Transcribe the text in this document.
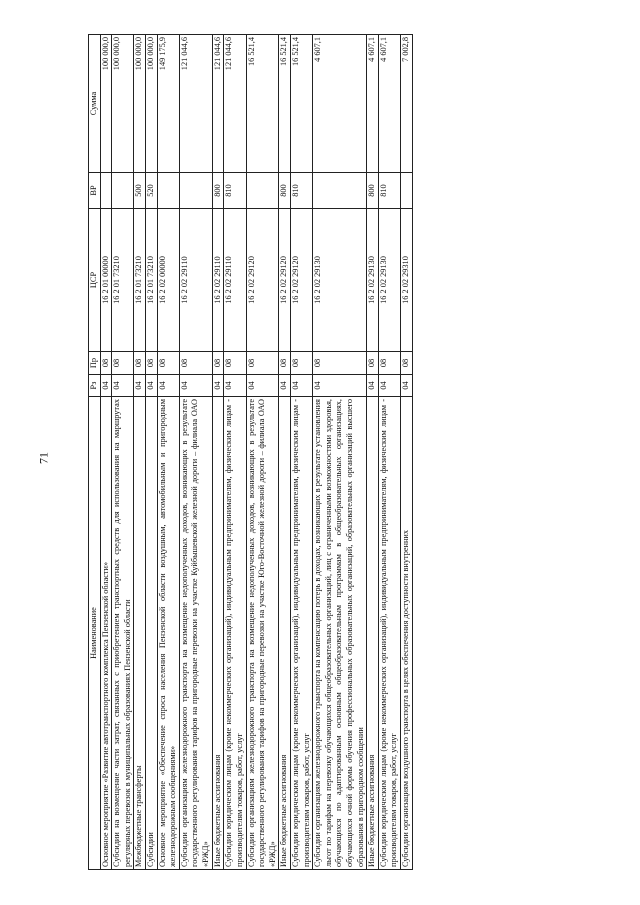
71
Наименование	Рз	Пр	ЦСР	ВР	Сумма
Основное мероприятие «Развитие автотранспортного комплекса Пензенской области»	04	08	16 2 01 00000		100 000,0
Субсидии на возмещение части затрат, связанных с приобретением транспортных средств для использования на маршрутах регулярных перевозок в муниципальных образованиях Пензенской области	04	08	16 2 01 73210		100 000,0
Межбюджетные трансферты	04	08	16 2 01 73210	500	100 000,0
Субсидии	04	08	16 2 01 73210	520	100 000,0
Основное мероприятие «Обеспечение спроса населения Пензенской области воздушным, автомобильным и пригородным железнодорожным сообщениями»	04	08	16 2 02 00000		149 175,9
Субсидии организациям железнодорожного транспорта на возмещение недополученных доходов, возникающих в результате государственного регулирования тарифов на пригородные перевозки на участке Куйбышевской железной дороги – филиала ОАО «РЖД»	04	08	16 2 02 29110		121 044,6
Иные бюджетные ассигнования	04	08	16 2 02 29110	800	121 044,6
Субсидии юридическим лицам (кроме некоммерческих организаций), индивидуальным предпринимателям, физическим лицам - производителям товаров, работ, услуг	04	08	16 2 02 29110	810	121 044,6
Субсидии организациям железнодорожного транспорта на возмещение недополученных доходов, возникающих в результате государственного регулирования тарифов на пригородные перевозки на участке Юго-Восточной железной дороги – филиала ОАО «РЖД»	04	08	16 2 02 29120		16 521,4
Иные бюджетные ассигнования	04	08	16 2 02 29120	800	16 521,4
Субсидии юридическим лицам (кроме некоммерческих организаций), индивидуальным предпринимателям, физическим лицам - производителям товаров, работ, услуг	04	08	16 2 02 29120	810	16 521,4
Субсидии организациям железнодорожного транспорта на компенсацию потерь в доходах, возникающих в результате установления льгот по тарифам на перевозку обучающихся общеобразовательных организаций, лиц с ограниченными возможностями здоровья, обучающихся по адаптированным основным общеобразовательным программам в общеобразовательных организациях, обучающихся очной формы обучения профессиональных образовательных организаций, образовательных организаций высшего образования в пригородном сообщении	04	08	16 2 02 29130		4 607,1
Иные бюджетные ассигнования	04	08	16 2 02 29130	800	4 607,1
Субсидии юридическим лицам (кроме некоммерческих организаций), индивидуальным предпринимателям, физическим лицам - производителям товаров, работ, услуг	04	08	16 2 02 29130	810	4 607,1
Субсидии организациям воздушного транспорта в целях обеспечения доступности внутренних	04	08	16 2 02 29310		7 002,8
